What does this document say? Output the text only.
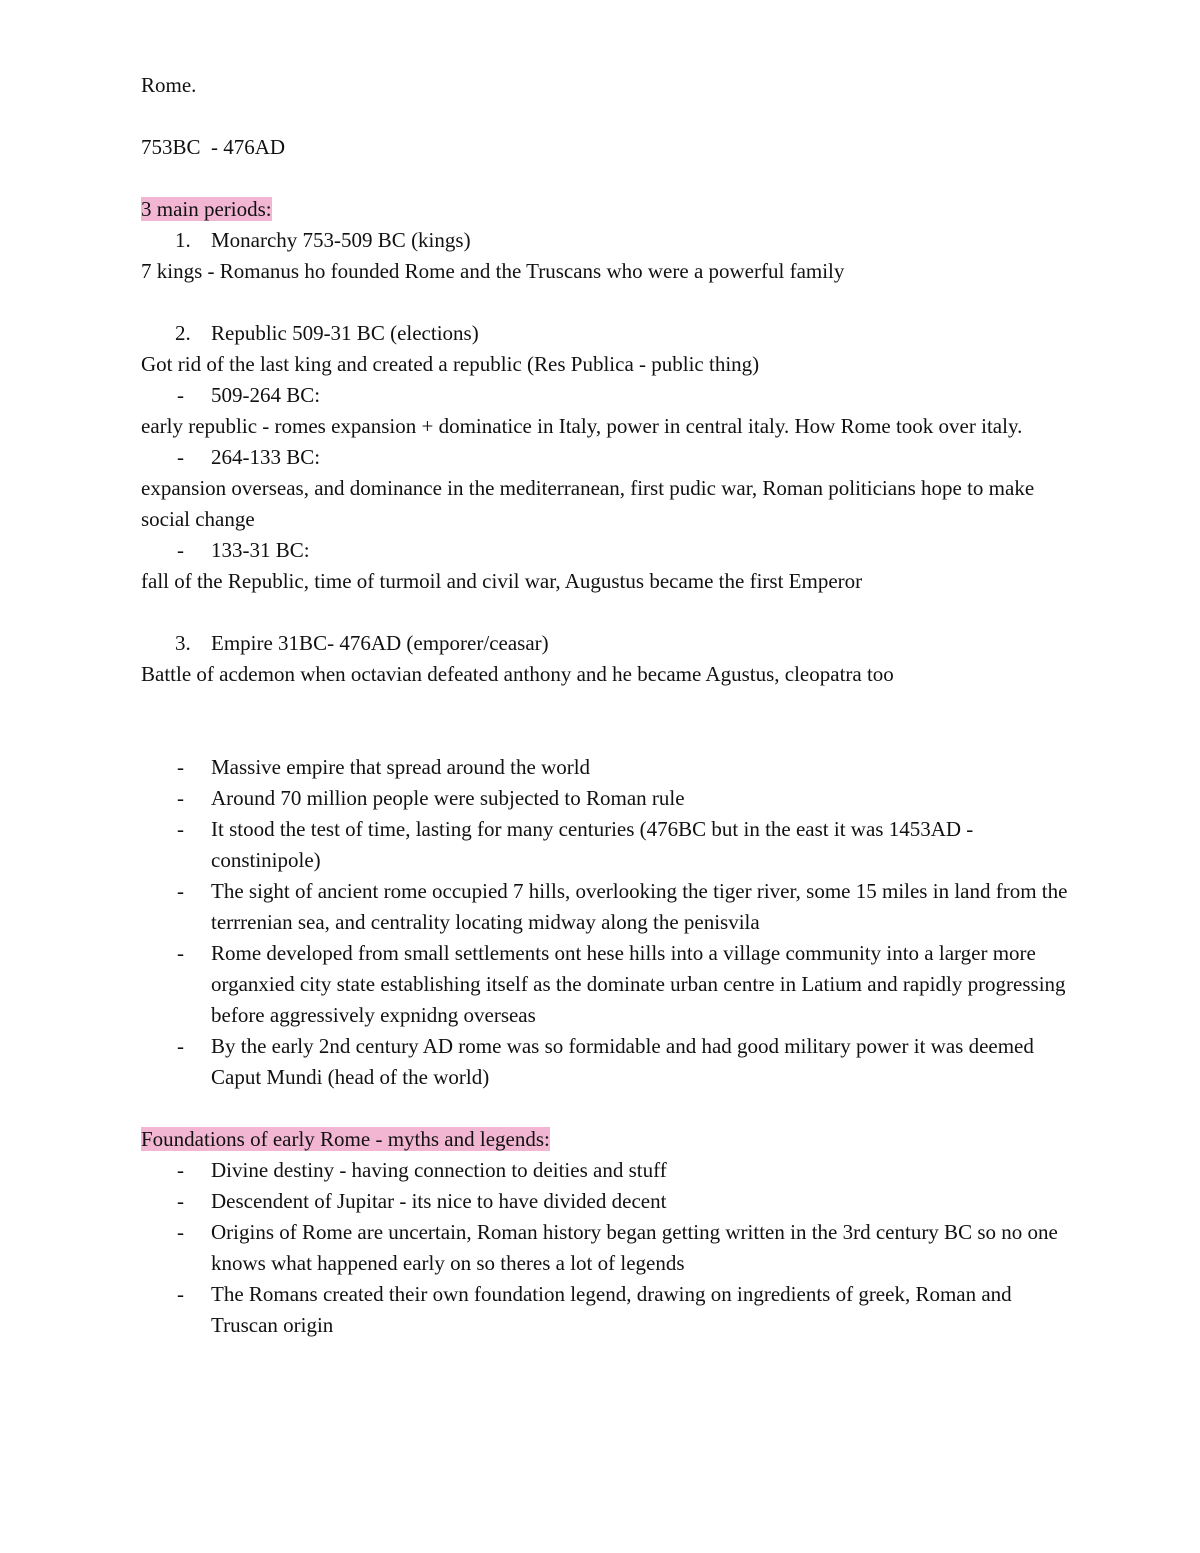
Rome.
753BC  - 476AD
3 main periods:
1. Monarchy 753-509 BC (kings)
7 kings - Romanus ho founded Rome and the Truscans who were a powerful family
2. Republic 509-31 BC (elections)
Got rid of the last king and created a republic (Res Publica - public thing)
- 509-264 BC:
early republic - romes expansion + dominatice in Italy, power in central italy. How Rome took over italy.
- 264-133 BC:
expansion overseas, and dominance in the mediterranean, first pudic war, Roman politicians hope to make social change
- 133-31 BC:
fall of the Republic, time of turmoil and civil war, Augustus became the first Emperor
3. Empire 31BC- 476AD (emporer/ceasar)
Battle of acdemon when octavian defeated anthony and he became Agustus, cleopatra too
- Massive empire that spread around the world
- Around 70 million people were subjected to Roman rule
- It stood the test of time, lasting for many centuries (476BC but in the east it was 1453AD - constinipole)
- The sight of ancient rome occupied 7 hills, overlooking the tiger river, some 15 miles in land from the terrrenian sea, and centrality locating midway along the penisvila
- Rome developed from small settlements ont hese hills into a village community into a larger more organxied city state establishing itself as the dominate urban centre in Latium and rapidly progressing before aggressively expnidng overseas
- By the early 2nd century AD rome was so formidable and had good military power it was deemed Caput Mundi (head of the world)
Foundations of early Rome - myths and legends:
- Divine destiny - having connection to deities and stuff
- Descendent of Jupitar - its nice to have divided decent
- Origins of Rome are uncertain, Roman history began getting written in the 3rd century BC so no one knows what happened early on so theres a lot of legends
- The Romans created their own foundation legend, drawing on ingredients of greek, Roman and Truscan origin
